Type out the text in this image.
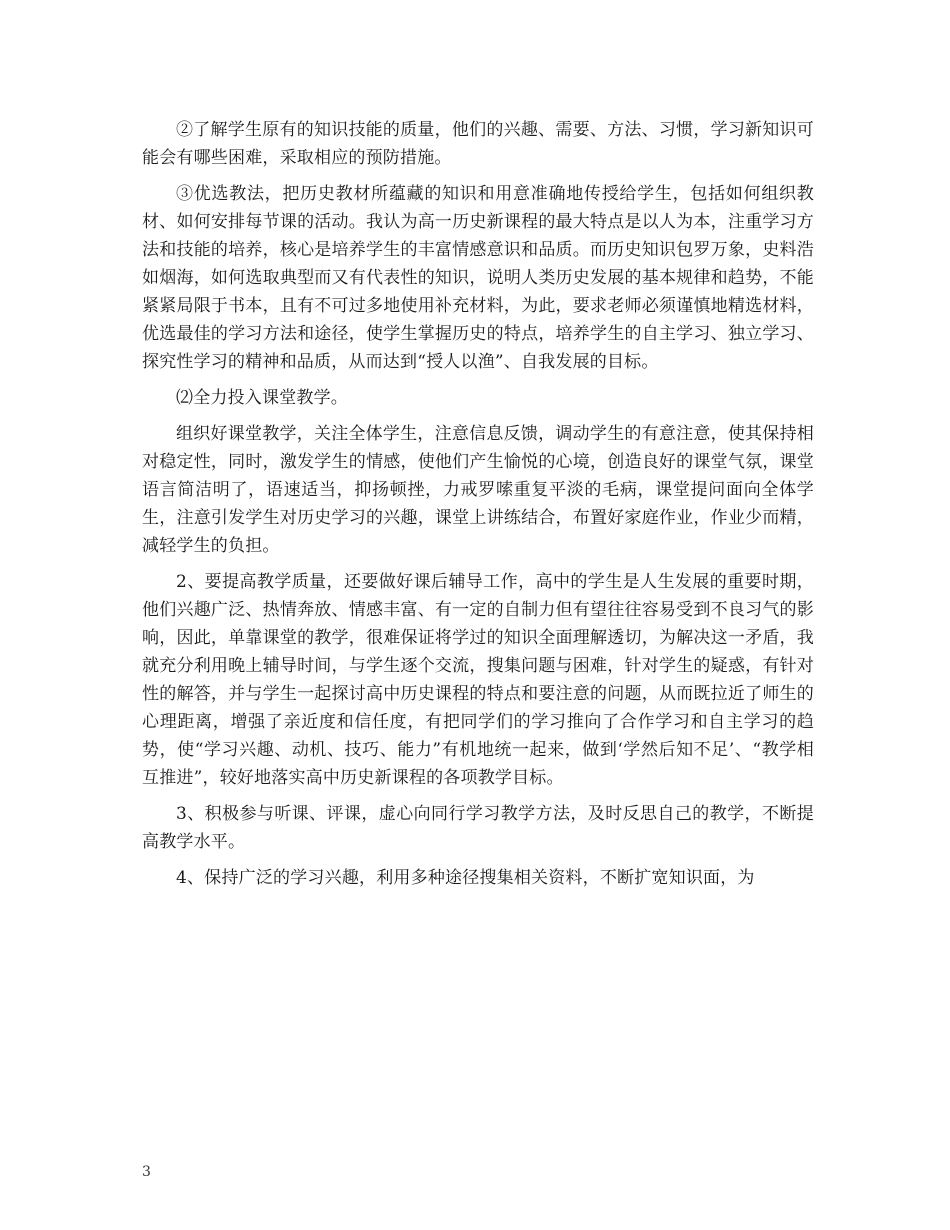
②了解学生原有的知识技能的质量，他们的兴趣、需要、方法、习惯，学习新知识可能会有哪些困难，采取相应的预防措施。

③优选教法，把历史教材所蕴藏的知识和用意准确地传授给学生，包括如何组织教材、如何安排每节课的活动。我认为高一历史新课程的最大特点是以人为本，注重学习方法和技能的培养，核心是培养学生的丰富情感意识和品质。而历史知识包罗万象，史料浩如烟海，如何选取典型而又有代表性的知识，说明人类历史发展的基本规律和趋势，不能紧紧局限于书本，且有不可过多地使用补充材料，为此，要求老师必须谨慎地精选材料，优选最佳的学习方法和途径，使学生掌握历史的特点，培养学生的自主学习、独立学习、探究性学习的精神和品质，从而达到“授人以渔”、自我发展的目标。

⑵全力投入课堂教学。

组织好课堂教学，关注全体学生，注意信息反馈，调动学生的有意注意，使其保持相对稳定性，同时，激发学生的情感，使他们产生愉悦的心境，创造良好的课堂气氛，课堂语言简洁明了，语速适当，抑扬顿挫，力戒罗嗦重复平淡的毛病，课堂提问面向全体学生，注意引发学生对历史学习的兴趣，课堂上讲练结合，布置好家庭作业，作业少而精，减轻学生的负担。

2、要提高教学质量，还要做好课后辅导工作，高中的学生是人生发展的重要时期，他们兴趣广泛、热情奔放、情感丰富、有一定的自制力但有望往往容易受到不良习气的影响，因此，单靠课堂的教学，很难保证将学过的知识全面理解透切，为解决这一矛盾，我就充分利用晚上辅导时间，与学生逐个交流，搜集问题与困难，针对学生的疑惑，有针对性的解答，并与学生一起探讨高中历史课程的特点和要注意的问题，从而既拉近了师生的心理距离，增强了亲近度和信任度，有把同学们的学习推向了合作学习和自主学习的趋势，使“学习兴趣、动机、技巧、能力”有机地统一起来，做到‘学然后知不足’、“教学相互推进”，较好地落实高中历史新课程的各项教学目标。

3、积极参与听课、评课，虚心向同行学习教学方法，及时反思自己的教学，不断提高教学水平。

4、保持广泛的学习兴趣，利用多种途径搜集相关资料，不断扩宽知识面，为

3
